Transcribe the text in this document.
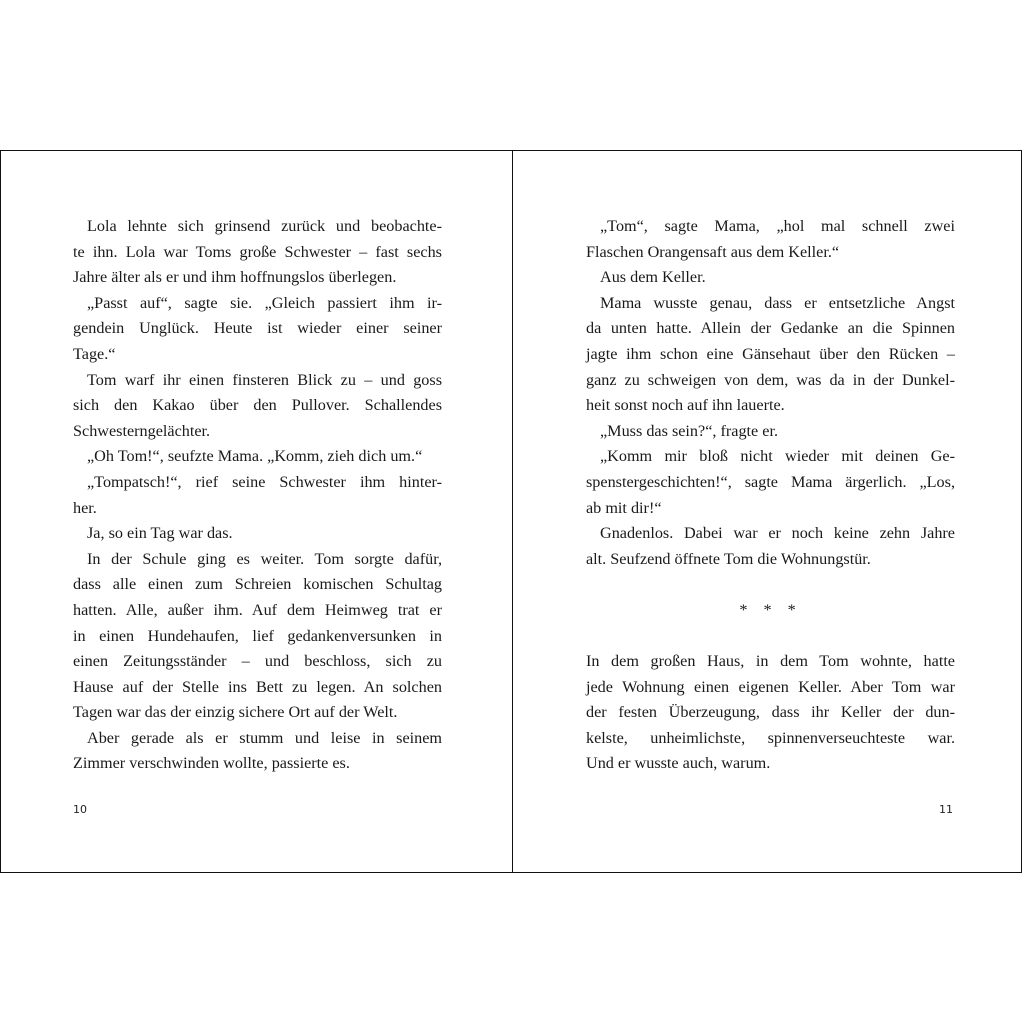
Lola lehnte sich grinsend zurück und beobachte-
te ihn. Lola war Toms große Schwester – fast sechs
Jahre älter als er und ihm hoffnungslos überlegen.
„Passt auf“, sagte sie. „Gleich passiert ihm ir-
gendein Unglück. Heute ist wieder einer seiner
Tage.“
Tom warf ihr einen finsteren Blick zu – und goss
sich den Kakao über den Pullover. Schallendes
Schwesterngelächter.
„Oh Tom!“, seufzte Mama. „Komm, zieh dich um.“
„Tompatsch!“, rief seine Schwester ihm hinter-
her.
Ja, so ein Tag war das.
In der Schule ging es weiter. Tom sorgte dafür,
dass alle einen zum Schreien komischen Schultag
hatten. Alle, außer ihm. Auf dem Heimweg trat er
in einen Hundehaufen, lief gedankenversunken in
einen Zeitungsständer – und beschloss, sich zu
Hause auf der Stelle ins Bett zu legen. An solchen
Tagen war das der einzig sichere Ort auf der Welt.
Aber gerade als er stumm und leise in seinem
Zimmer verschwinden wollte, passierte es.
10
„Tom“, sagte Mama, „hol mal schnell zwei
Flaschen Orangensaft aus dem Keller.“
Aus dem Keller.
Mama wusste genau, dass er entsetzliche Angst
da unten hatte. Allein der Gedanke an die Spinnen
jagte ihm schon eine Gänsehaut über den Rücken –
ganz zu schweigen von dem, was da in der Dunkel-
heit sonst noch auf ihn lauerte.
„Muss das sein?“, fragte er.
„Komm mir bloß nicht wieder mit deinen Ge-
spenstergeschichten!“, sagte Mama ärgerlich. „Los,
ab mit dir!“
Gnadenlos. Dabei war er noch keine zehn Jahre
alt. Seufzend öffnete Tom die Wohnungstür.
* * *
In dem großen Haus, in dem Tom wohnte, hatte
jede Wohnung einen eigenen Keller. Aber Tom war
der festen Überzeugung, dass ihr Keller der dun-
kelste, unheimlichste, spinnenverseuchteste war.
Und er wusste auch, warum.
11
